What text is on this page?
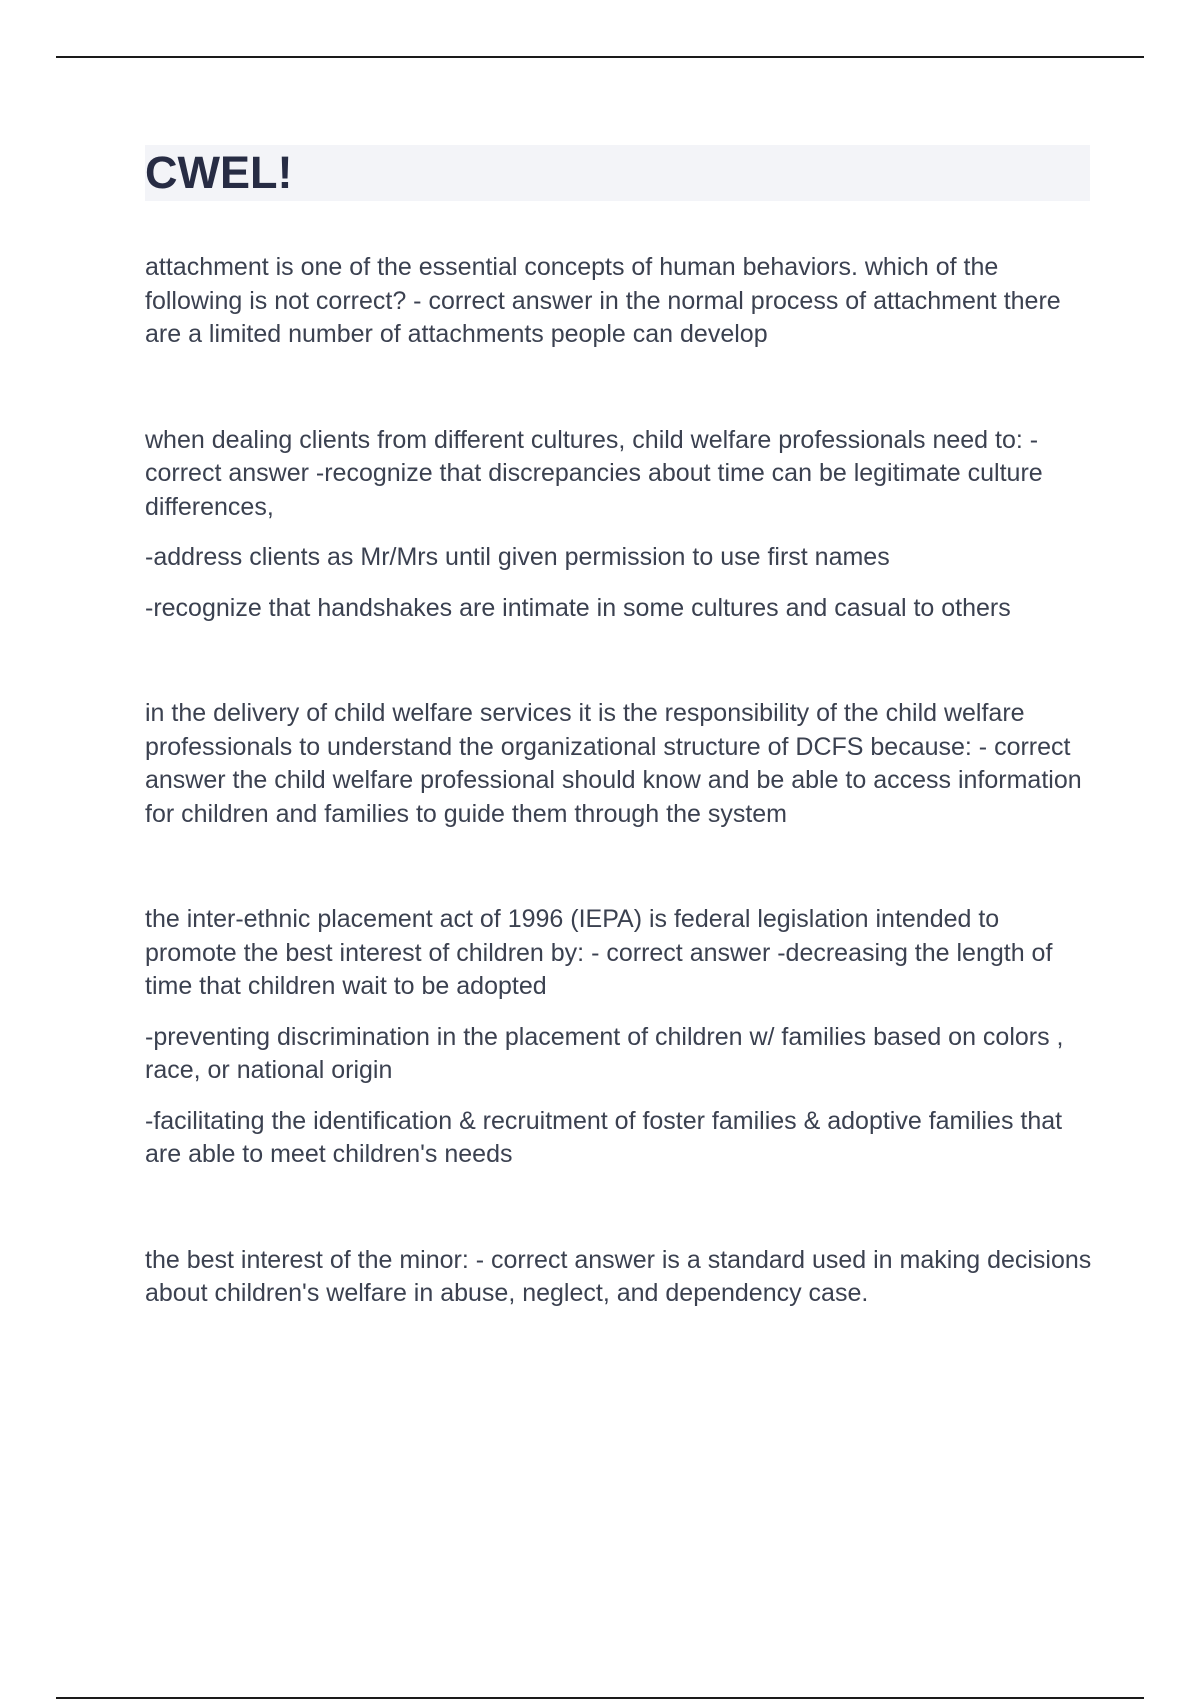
CWEL!

attachment is one of the essential concepts of human behaviors. which of the following is not correct? - correct answer in the normal process of attachment there are a limited number of attachments people can develop

when dealing clients from different cultures, child welfare professionals need to: - correct answer -recognize that discrepancies about time can be legitimate culture differences,

-address clients as Mr/Mrs until given permission to use first names

-recognize that handshakes are intimate in some cultures and casual to others

in the delivery of child welfare services it is the responsibility of the child welfare professionals to understand the organizational structure of DCFS because: - correct answer the child welfare professional should know and be able to access information for children and families to guide them through the system

the inter-ethnic placement act of 1996 (IEPA) is federal legislation intended to promote the best interest of children by: - correct answer -decreasing the length of time that children wait to be adopted

-preventing discrimination in the placement of children w/ families based on colors , race, or national origin

-facilitating the identification & recruitment of foster families & adoptive families that are able to meet children's needs

the best interest of the minor: - correct answer is a standard used in making decisions about children's welfare in abuse, neglect, and dependency case.
